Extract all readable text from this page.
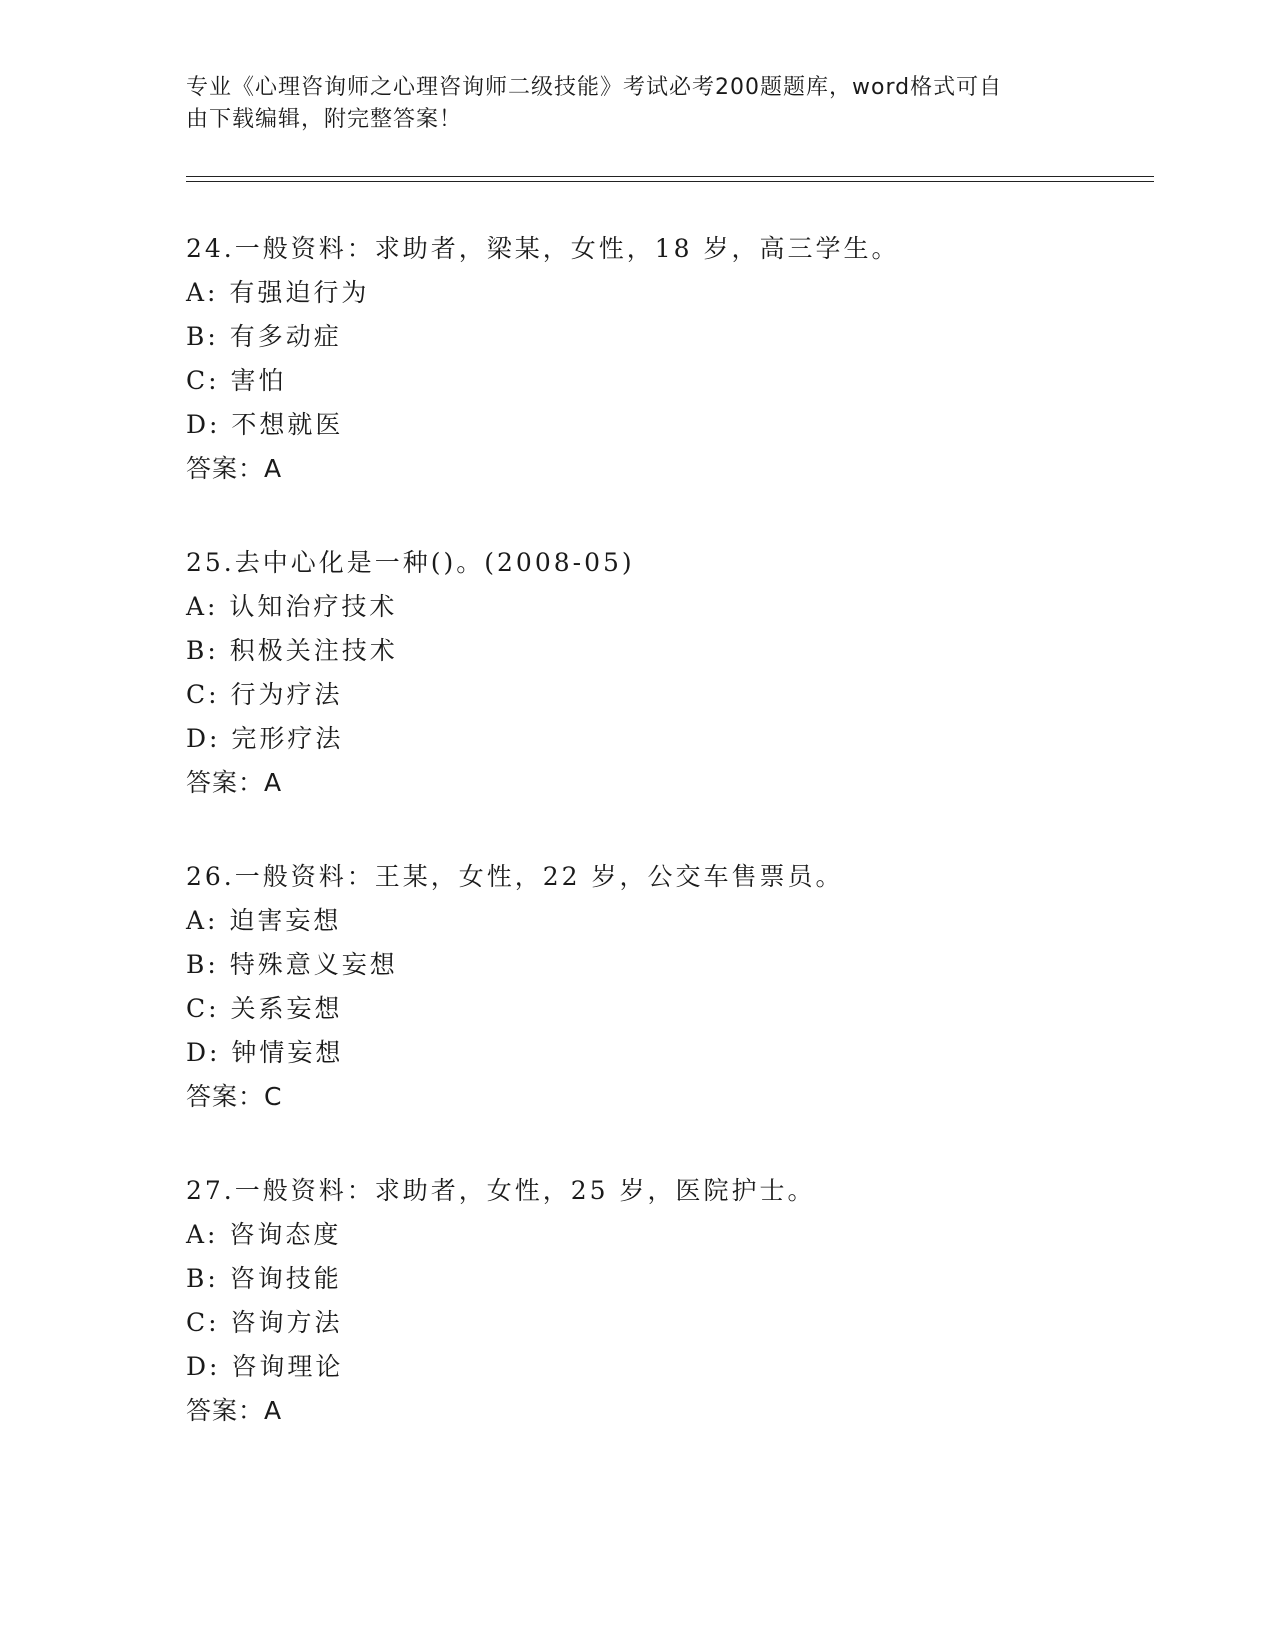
专业《心理咨询师之心理咨询师二级技能》考试必考200题题库，word格式可自
由下载编辑，附完整答案！
24.一般资料：求助者，梁某，女性，18 岁，高三学生。
A: 有强迫行为
B: 有多动症
C: 害怕
D: 不想就医
答案：A
25.去中心化是一种()。(2008-05)
A: 认知治疗技术
B: 积极关注技术
C: 行为疗法
D: 完形疗法
答案：A
26.一般资料：王某，女性，22 岁，公交车售票员。
A: 迫害妄想
B: 特殊意义妄想
C: 关系妄想
D: 钟情妄想
答案：C
27.一般资料：求助者，女性，25 岁，医院护士。
A: 咨询态度
B: 咨询技能
C: 咨询方法
D: 咨询理论
答案：A
